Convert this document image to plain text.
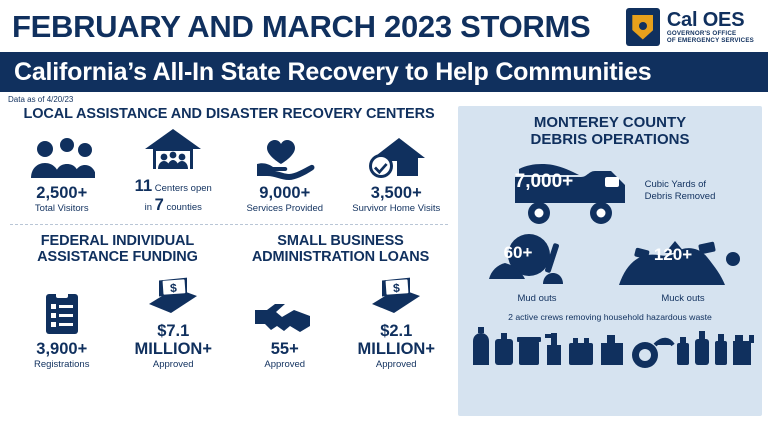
FEBRUARY AND MARCH 2023 STORMS	Cal OES
GOVERNOR'S OFFICE
OF EMERGENCY SERVICES
California’s All-In State Recovery to Help Communities
Data as of 4/20/23
LOCAL ASSISTANCE AND DISASTER RECOVERY CENTERS
2,500+
Total Visitors
11 Centers open
in 7 counties
9,000+
Services Provided
3,500+
Survivor Home Visits
FEDERAL INDIVIDUAL
ASSISTANCE FUNDING
3,900+
Registrations
$
$7.1 MILLION+
Approved
SMALL BUSINESS
ADMINISTRATION LOANS
55+
Approved
$
$2.1 MILLION+
Approved
MONTEREY COUNTY
DEBRIS OPERATIONS
7,000+	Cubic Yards of
Debris Removed
60+
Mud outs
120+
Muck outs
2 active crews removing household hazardous waste
